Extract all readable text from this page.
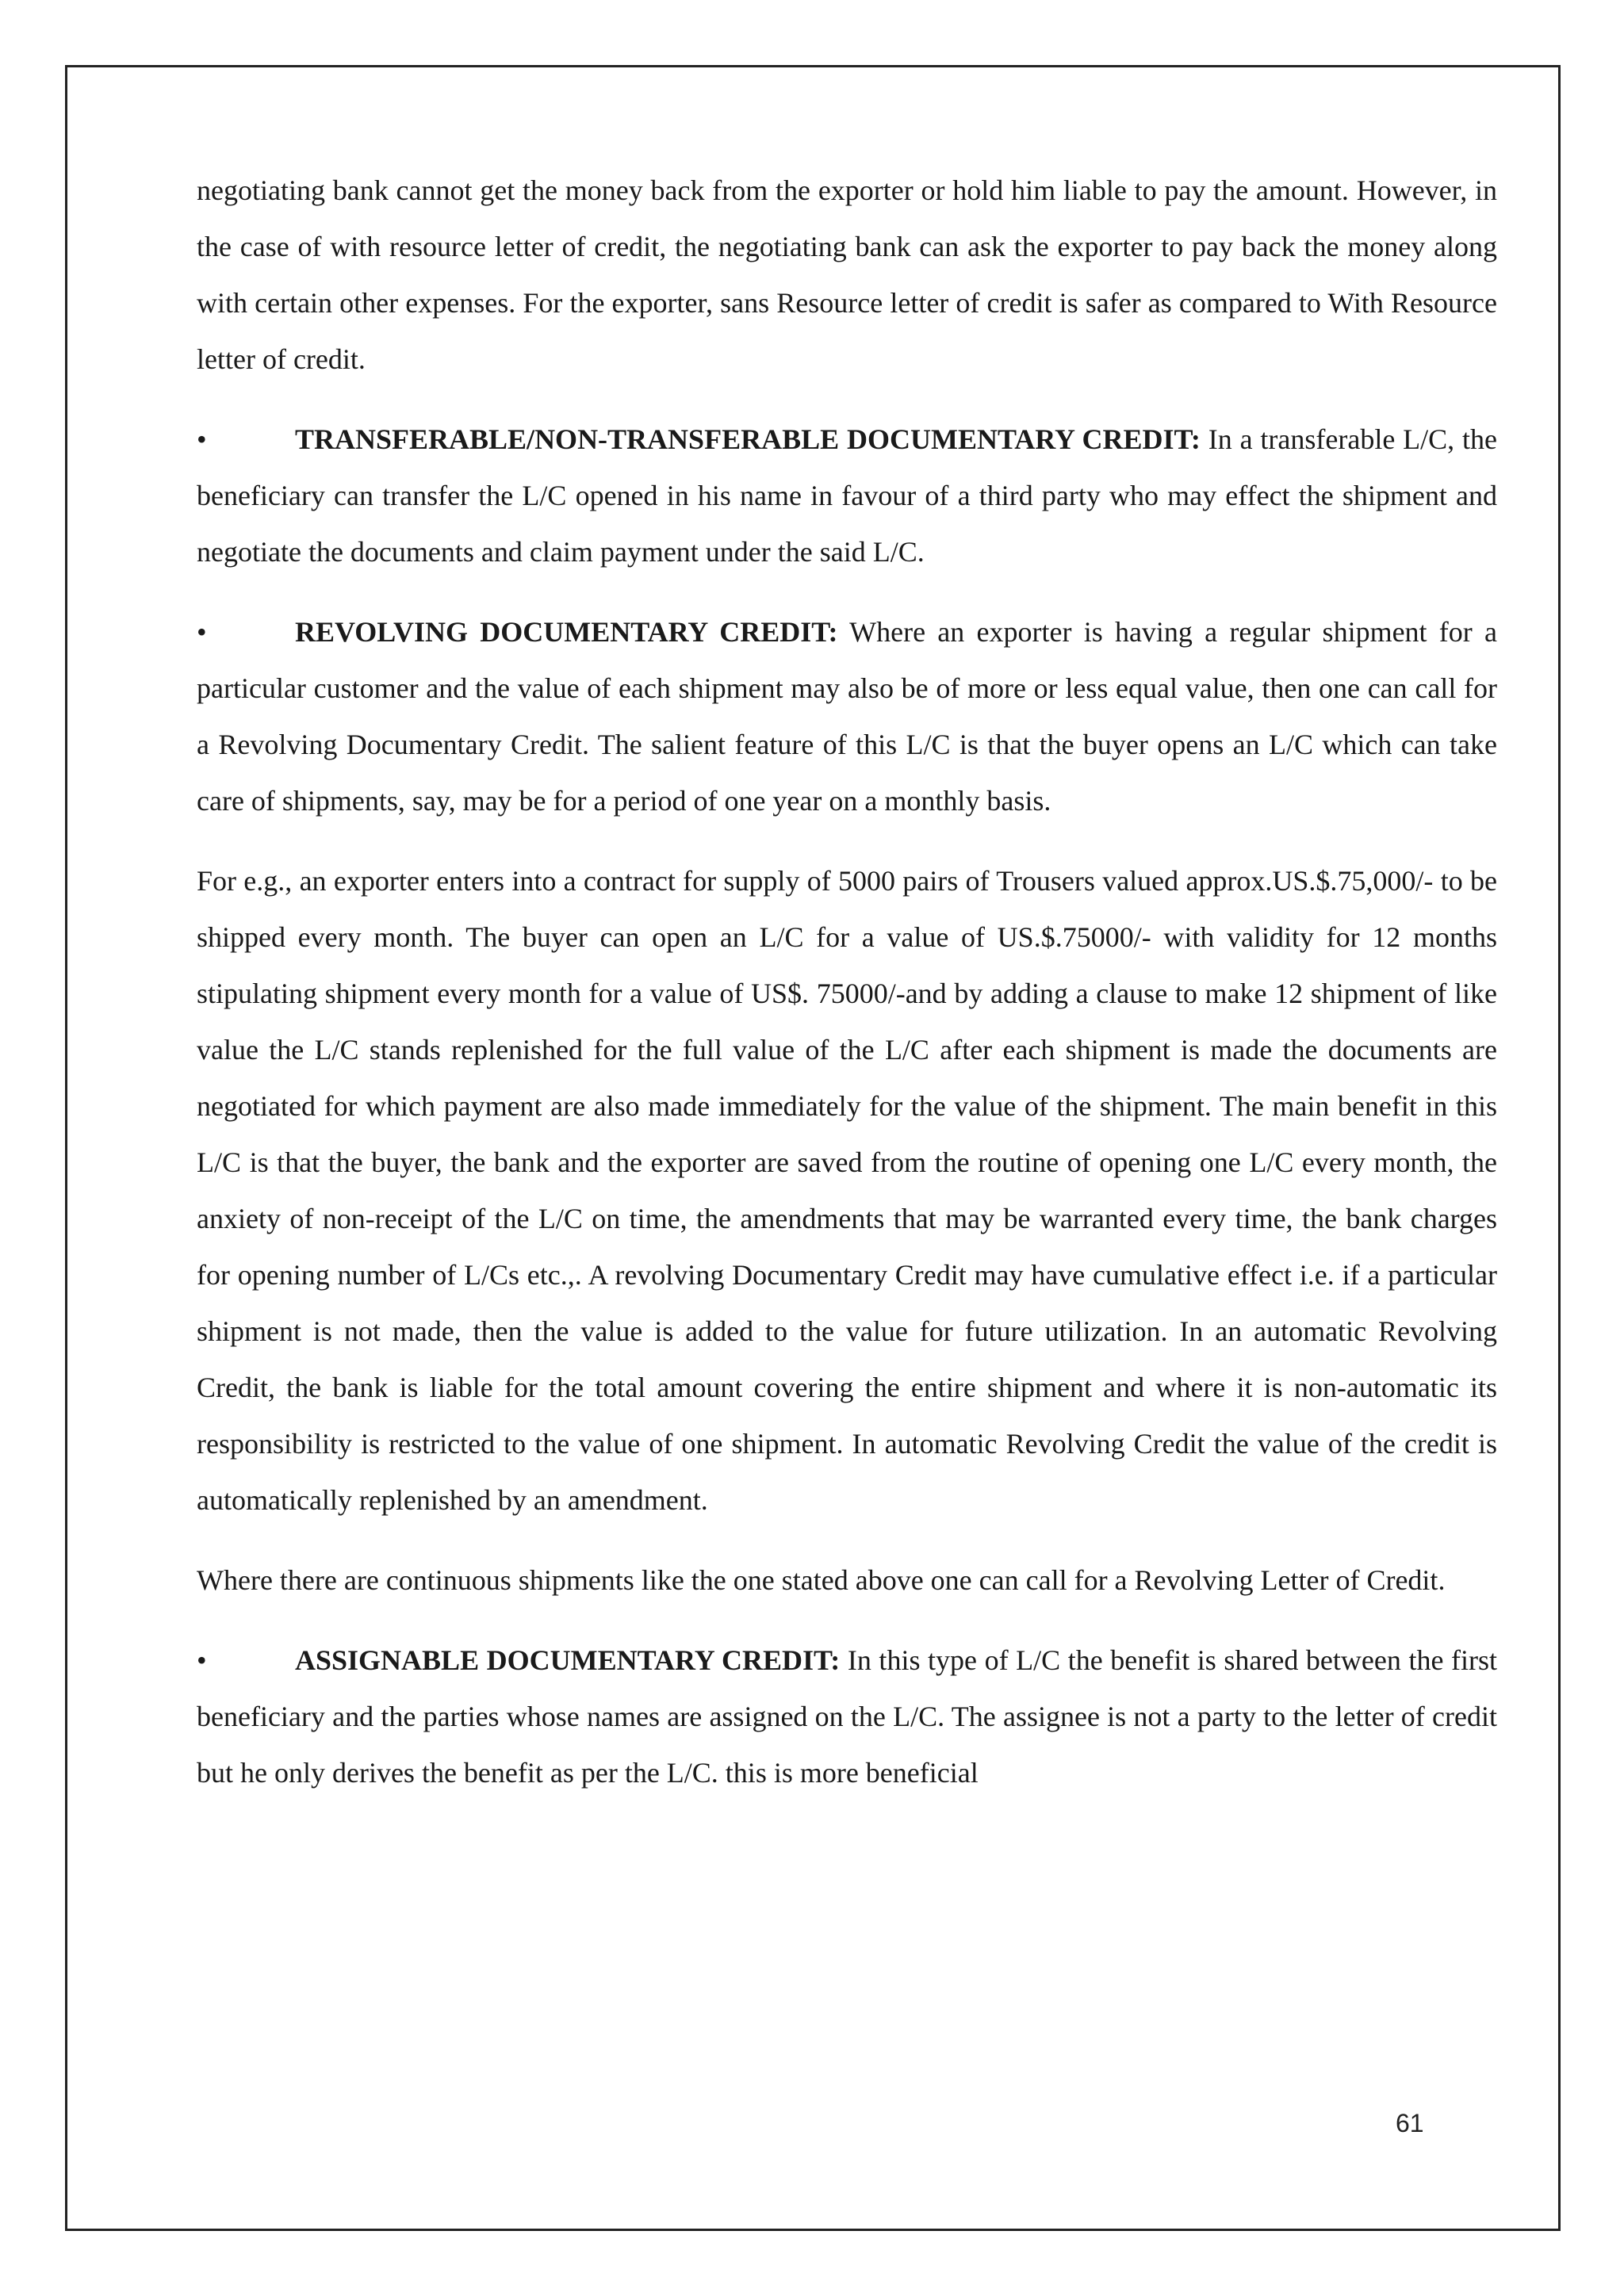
negotiating bank cannot get the money back from the exporter or hold him liable to pay the amount. However, in the case of with resource letter of credit, the negotiating bank can ask the exporter to pay back the money along with certain other expenses. For the exporter, sans Resource letter of credit is safer as compared to With Resource letter of credit.

•	TRANSFERABLE/NON-TRANSFERABLE DOCUMENTARY CREDIT: In a transferable L/C, the beneficiary can transfer the L/C opened in his name in favour of a third party who may effect the shipment and negotiate the documents and claim payment under the said L/C.

•	REVOLVING DOCUMENTARY CREDIT: Where an exporter is having a regular shipment for a particular customer and the value of each shipment may also be of more or less equal value, then one can call for a Revolving Documentary Credit. The salient feature of this L/C is that the buyer opens an L/C which can take care of shipments, say, may be for a period of one year on a monthly basis.

For e.g., an exporter enters into a contract for supply of 5000 pairs of Trousers valued approx.US.$.75,000/- to be shipped every month. The buyer can open an L/C for a value of US.$.75000/- with validity for 12 months stipulating shipment every month for a value of US$. 75000/-and by adding a clause to make 12 shipment of like value the L/C stands replenished for the full value of the L/C after each shipment is made the documents are negotiated for which payment are also made immediately for the value of the shipment. The main benefit in this L/C is that the buyer, the bank and the exporter are saved from the routine of opening one L/C every month, the anxiety of non-receipt of the L/C on time, the amendments that may be warranted every time, the bank charges for opening number of L/Cs etc.,. A revolving Documentary Credit may have cumulative effect i.e. if a particular shipment is not made, then the value is added to the value for future utilization. In an automatic Revolving Credit, the bank is liable for the total amount covering the entire shipment and where it is non-automatic its responsibility is restricted to the value of one shipment. In automatic Revolving Credit the value of the credit is automatically replenished by an amendment.

Where there are continuous shipments like the one stated above one can call for a Revolving Letter of Credit.

•	ASSIGNABLE DOCUMENTARY CREDIT: In this type of L/C the benefit is shared between the first beneficiary and the parties whose names are assigned on the L/C. The assignee is not a party to the letter of credit but he only derives the benefit as per the L/C. this is more beneficial

61
